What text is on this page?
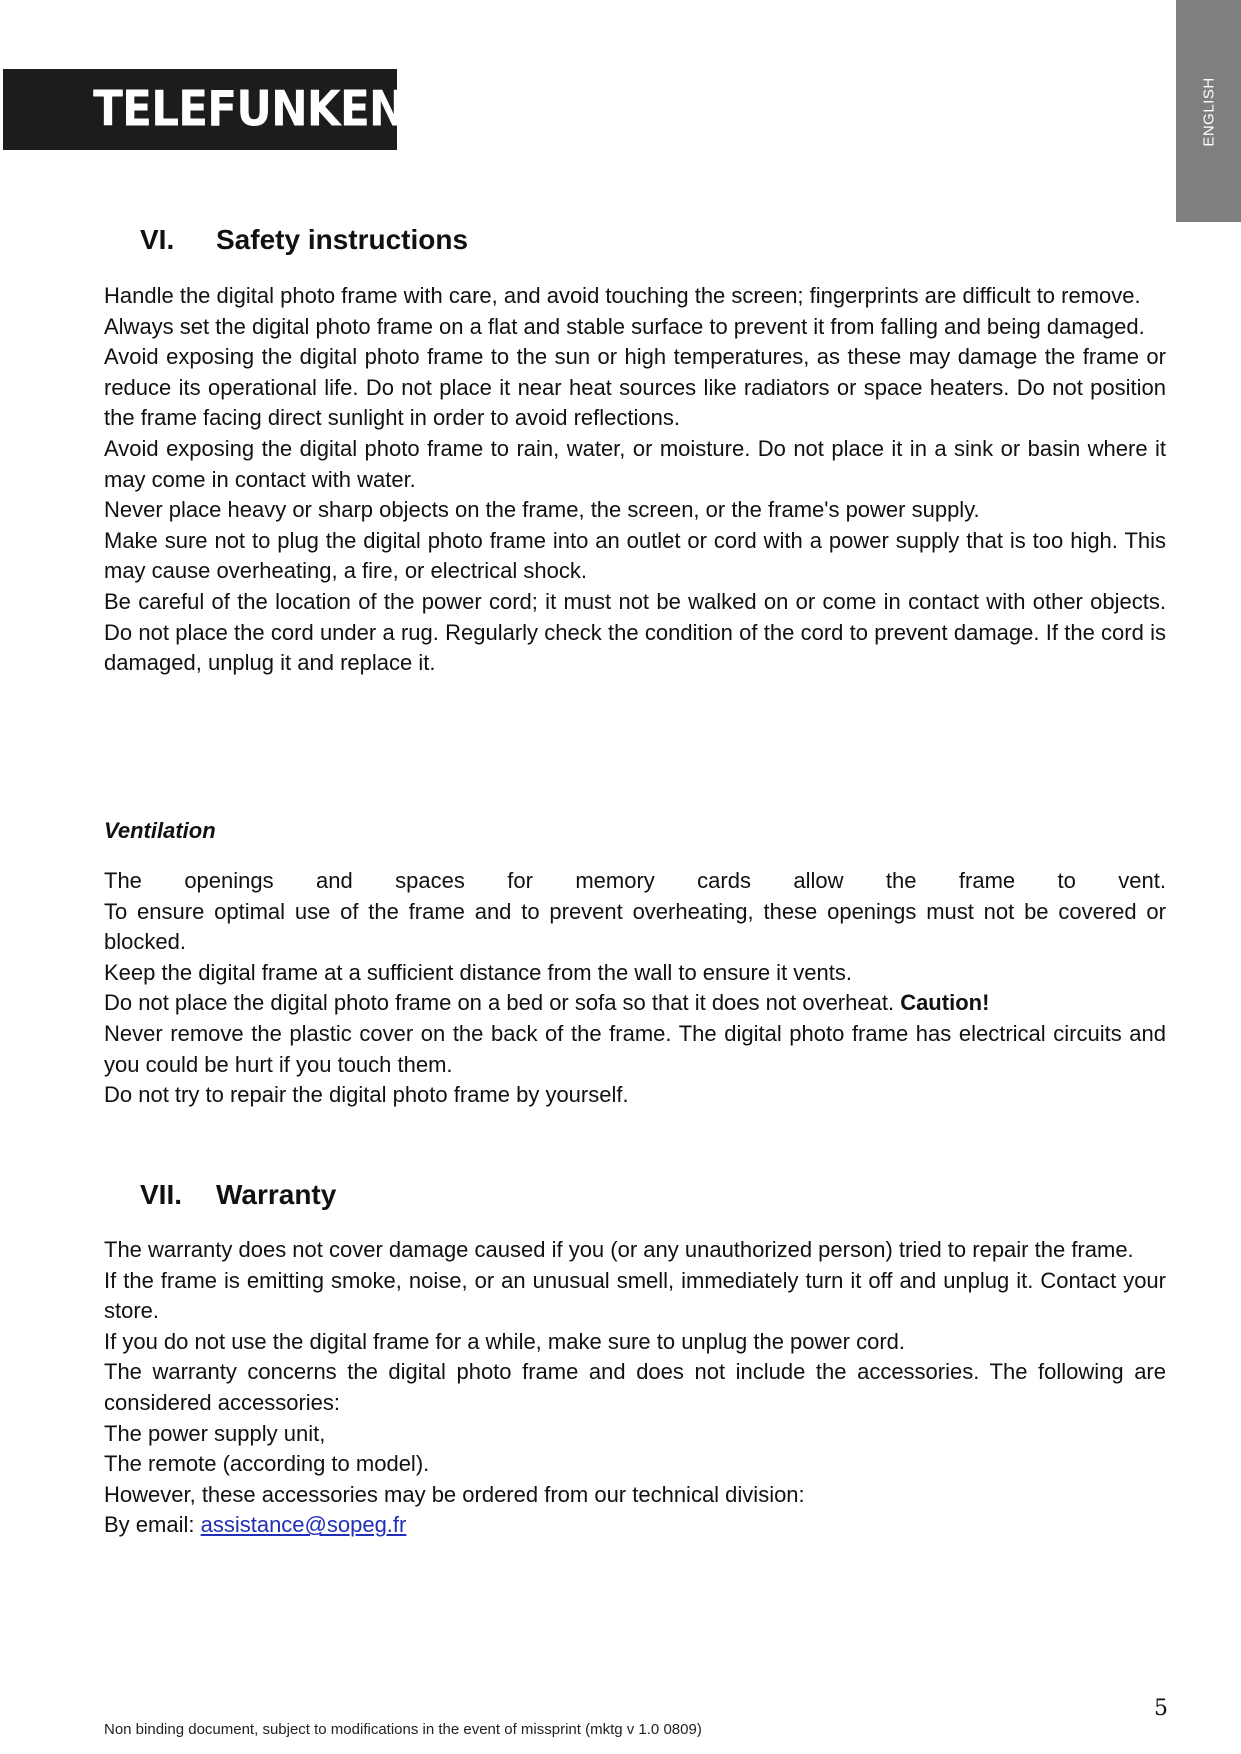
TELEFUNKEN ®	ENGLISH
VI.	Safety instructions

Handle the digital photo frame with care, and avoid touching the screen; fingerprints are difficult to remove.

Always set the digital photo frame on a flat and stable surface to prevent it from falling and being damaged.

Avoid exposing the digital photo frame to the sun or high temperatures, as these may damage the frame or reduce its operational life. Do not place it near heat sources like radiators or space heaters. Do not position the frame facing direct sunlight in order to avoid reflections.

Avoid exposing the digital photo frame to rain, water, or moisture. Do not place it in a sink or basin where it may come in contact with water.

Never place heavy or sharp objects on the frame, the screen, or the frame's power supply.

Make sure not to plug the digital photo frame into an outlet or cord with a power supply that is too high. This may cause overheating, a fire, or electrical shock.

Be careful of the location of the power cord; it must not be walked on or come in contact with other objects. Do not place the cord under a rug. Regularly check the condition of the cord to prevent damage. If the cord is damaged, unplug it and replace it.

Ventilation

The openings and spaces for memory cards allow the frame to vent.

To ensure optimal use of the frame and to prevent overheating, these openings must not be covered or blocked.

Keep the digital frame at a sufficient distance from the wall to ensure it vents.

Do not place the digital photo frame on a bed or sofa so that it does not overheat. Caution!

Never remove the plastic cover on the back of the frame. The digital photo frame has electrical circuits and you could be hurt if you touch them.

Do not try to repair the digital photo frame by yourself.

VII.	Warranty

The warranty does not cover damage caused if you (or any unauthorized person) tried to repair the frame.

If the frame is emitting smoke, noise, or an unusual smell, immediately turn it off and unplug it. Contact your store.

If you do not use the digital frame for a while, make sure to unplug the power cord.

The warranty concerns the digital photo frame and does not include the accessories. The following are considered accessories:

The power supply unit,

The remote (according to model).

However, these accessories may be ordered from our technical division:

By email: assistance@sopeg.fr

5
Non binding document, subject to modifications in the event of missprint (mktg v 1.0 0809)
